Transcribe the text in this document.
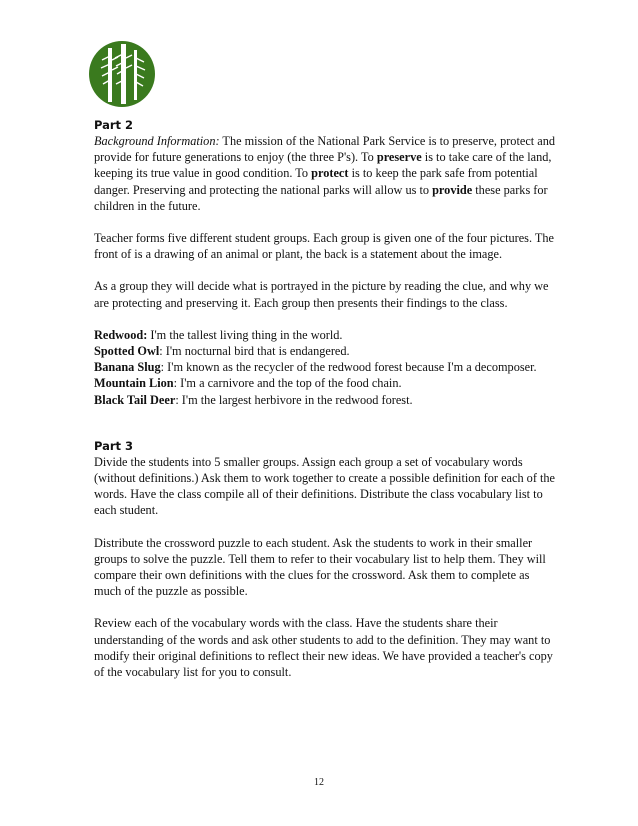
Part 2

Background Information: The mission of the National Park Service is to preserve, protect and provide for future generations to enjoy (the three P's). To preserve is to take care of the land, keeping its true value in good condition. To protect is to keep the park safe from potential danger. Preserving and protecting the national parks will allow us to provide these parks for children in the future.

Teacher forms five different student groups. Each group is given one of the four pictures. The front of is a drawing of an animal or plant, the back is a statement about the image.

As a group they will decide what is portrayed in the picture by reading the clue, and why we are protecting and preserving it. Each group then presents their findings to the class.

Redwood: I'm the tallest living thing in the world.

Spotted Owl: I'm nocturnal bird that is endangered.

Banana Slug: I'm known as the recycler of the redwood forest because I'm a decomposer.

Mountain Lion: I'm a carnivore and the top of the food chain.

Black Tail Deer: I'm the largest herbivore in the redwood forest.

Part 3

Divide the students into 5 smaller groups. Assign each group a set of vocabulary words (without definitions.) Ask them to work together to create a possible definition for each of the words. Have the class compile all of their definitions. Distribute the class vocabulary list to each student.

Distribute the crossword puzzle to each student. Ask the students to work in their smaller groups to solve the puzzle. Tell them to refer to their vocabulary list to help them. They will compare their own definitions with the clues for the crossword. Ask them to complete as much of the puzzle as possible.

Review each of the vocabulary words with the class. Have the students share their understanding of the words and ask other students to add to the definition. They may want to modify their original definitions to reflect their new ideas. We have provided a teacher's copy of the vocabulary list for you to consult.

12
